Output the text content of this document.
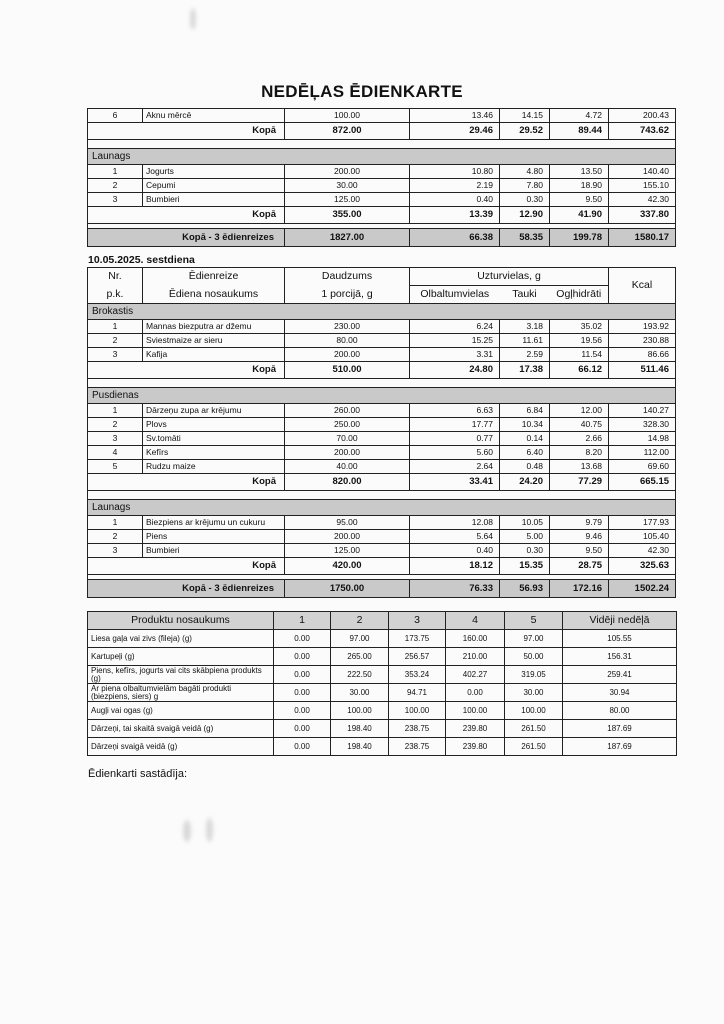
NEDĒĻAS ĒDIENKARTE
6	Aknu mērcē	100.00	13.46	14.15	4.72	200.43
Kopā		872.00	29.46	29.52	89.44	743.62

Launags						
1	Jogurts	200.00	10.80	4.80	13.50	140.40
2	Cepumi	30.00	2.19	7.80	18.90	155.10
3	Bumbieri	125.00	0.40	0.30	9.50	42.30
Kopā		355.00	13.39	12.90	41.90	337.80

Kopā - 3 ēdienreizes		1827.00	66.38	58.35	199.78	1580.17
10.05.2025. sestdiena
Nr.	Ēdienreize	Daudzums	Uzturvielas, g			Kcal
p.k.	Ēdiena nosaukums	1 porcijā, g	Olbaltumvielas	Tauki	Ogļhidrāti	
Brokastis						
1	Mannas biezputra ar džemu	230.00	6.24	3.18	35.02	193.92
2	Sviestmaize ar sieru	80.00	15.25	11.61	19.56	230.88
3	Kafija	200.00	3.31	2.59	11.54	86.66
Kopā		510.00	24.80	17.38	66.12	511.46

Pusdienas						
1	Dārzeņu zupa ar krējumu	260.00	6.63	6.84	12.00	140.27
2	Plovs	250.00	17.77	10.34	40.75	328.30
3	Sv.tomāti	70.00	0.77	0.14	2.66	14.98
4	Kefīrs	200.00	5.60	6.40	8.20	112.00
5	Rudzu maize	40.00	2.64	0.48	13.68	69.60
Kopā		820.00	33.41	24.20	77.29	665.15

Launags						
1	Biezpiens ar krējumu un cukuru	95.00	12.08	10.05	9.79	177.93
2	Piens	200.00	5.64	5.00	9.46	105.40
3	Bumbieri	125.00	0.40	0.30	9.50	42.30
Kopā		420.00	18.12	15.35	28.75	325.63

Kopā - 3 ēdienreizes		1750.00	76.33	56.93	172.16	1502.24
Produktu nosaukums	1	2	3	4	5	Vidēji nedēļā
Liesa gaļa vai zivs (fileja) (g)	0.00	97.00	173.75	160.00	97.00	105.55
Kartupeļi (g)	0.00	265.00	256.57	210.00	50.00	156.31
Piens, kefīrs, jogurts vai cits skābpiena produkts (g)	0.00	222.50	353.24	402.27	319.05	259.41
Ar piena olbaltumvielām bagāti produkti (biezpiens, siers) g	0.00	30.00	94.71	0.00	30.00	30.94
Augļi vai ogas (g)	0.00	100.00	100.00	100.00	100.00	80.00
Dārzeņi, tai skaitā svaigā veidā (g)	0.00	198.40	238.75	239.80	261.50	187.69
Dārzeņi svaigā veidā (g)	0.00	198.40	238.75	239.80	261.50	187.69
Ēdienkarti sastādīja:
